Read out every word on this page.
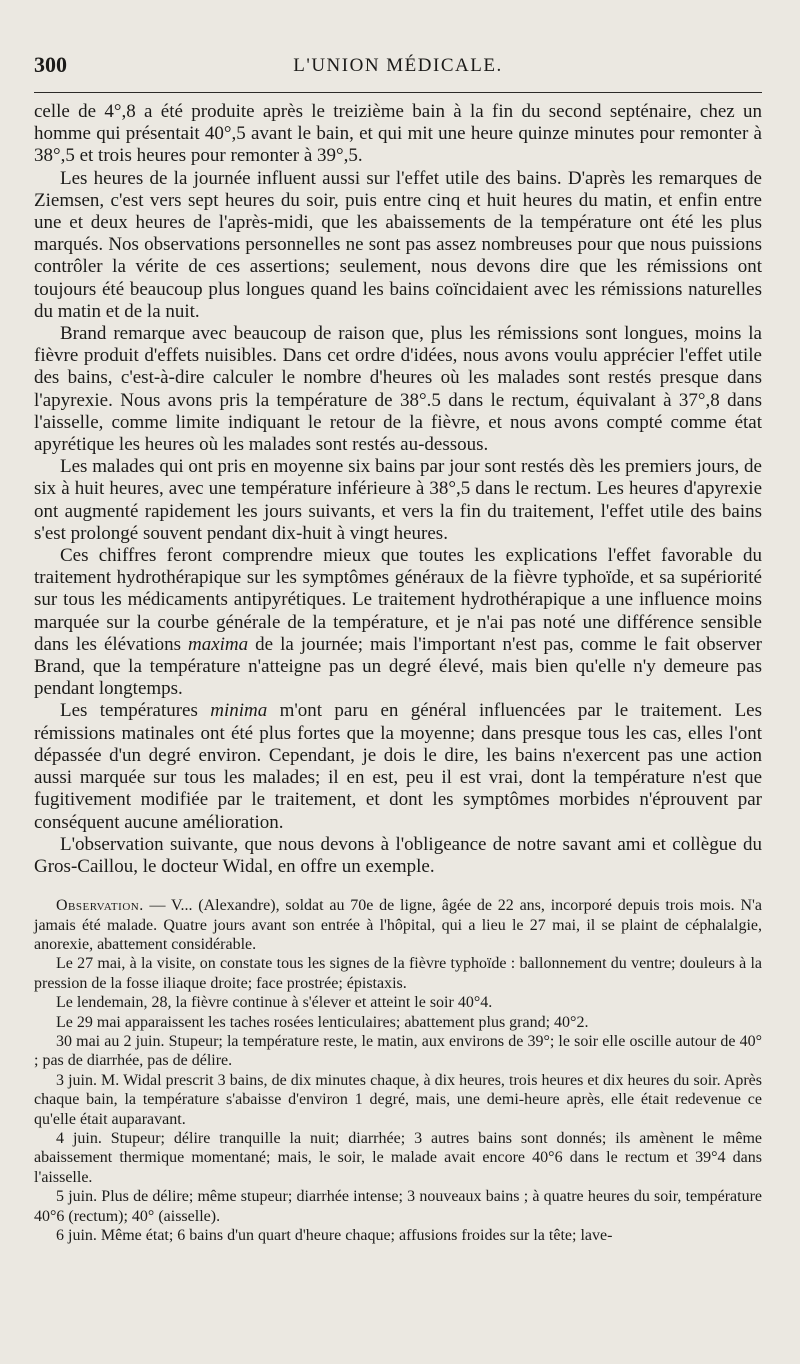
300	L'UNION MÉDICALE.

celle de 4°,8 a été produite après le treizième bain à la fin du second septénaire, chez un homme qui présentait 40°,5 avant le bain, et qui mit une heure quinze minutes pour remonter à 38°,5 et trois heures pour remonter à 39°,5.

Les heures de la journée influent aussi sur l'effet utile des bains. D'après les remarques de Ziemsen, c'est vers sept heures du soir, puis entre cinq et huit heures du matin, et enfin entre une et deux heures de l'après-midi, que les abaissements de la température ont été les plus marqués. Nos observations personnelles ne sont pas assez nombreuses pour que nous puissions contrôler la vérite de ces assertions; seulement, nous devons dire que les rémissions ont toujours été beaucoup plus longues quand les bains coïncidaient avec les rémissions naturelles du matin et de la nuit.

Brand remarque avec beaucoup de raison que, plus les rémissions sont longues, moins la fièvre produit d'effets nuisibles. Dans cet ordre d'idées, nous avons voulu apprécier l'effet utile des bains, c'est-à-dire calculer le nombre d'heures où les malades sont restés presque dans l'apyrexie. Nous avons pris la température de 38°.5 dans le rectum, équivalant à 37°,8 dans l'aisselle, comme limite indiquant le retour de la fièvre, et nous avons compté comme état apyrétique les heures où les malades sont restés au-dessous.

Les malades qui ont pris en moyenne six bains par jour sont restés dès les premiers jours, de six à huit heures, avec une température inférieure à 38°,5 dans le rectum. Les heures d'apyrexie ont augmenté rapidement les jours suivants, et vers la fin du traitement, l'effet utile des bains s'est prolongé souvent pendant dix-huit à vingt heures.

Ces chiffres feront comprendre mieux que toutes les explications l'effet favorable du traitement hydrothérapique sur les symptômes généraux de la fièvre typhoïde, et sa supériorité sur tous les médicaments antipyrétiques. Le traitement hydrothérapique a une influence moins marquée sur la courbe générale de la température, et je n'ai pas noté une différence sensible dans les élévations maxima de la journée; mais l'important n'est pas, comme le fait observer Brand, que la température n'atteigne pas un degré élevé, mais bien qu'elle n'y demeure pas pendant longtemps.

Les températures minima m'ont paru en général influencées par le traitement. Les rémissions matinales ont été plus fortes que la moyenne; dans presque tous les cas, elles l'ont dépassée d'un degré environ. Cependant, je dois le dire, les bains n'exercent pas une action aussi marquée sur tous les malades; il en est, peu il est vrai, dont la température n'est que fugitivement modifiée par le traitement, et dont les symptômes morbides n'éprouvent par conséquent aucune amélioration.

L'observation suivante, que nous devons à l'obligeance de notre savant ami et collègue du Gros-Caillou, le docteur Widal, en offre un exemple.

Observation. — V... (Alexandre), soldat au 70e de ligne, âgée de 22 ans, incorporé depuis trois mois. N'a jamais été malade. Quatre jours avant son entrée à l'hôpital, qui a lieu le 27 mai, il se plaint de céphalalgie, anorexie, abattement considérable.

Le 27 mai, à la visite, on constate tous les signes de la fièvre typhoïde : ballonnement du ventre; douleurs à la pression de la fosse iliaque droite; face prostrée; épistaxis.

Le lendemain, 28, la fièvre continue à s'élever et atteint le soir 40°4.

Le 29 mai apparaissent les taches rosées lenticulaires; abattement plus grand; 40°2.

30 mai au 2 juin. Stupeur; la température reste, le matin, aux environs de 39°; le soir elle oscille autour de 40° ; pas de diarrhée, pas de délire.

3 juin. M. Widal prescrit 3 bains, de dix minutes chaque, à dix heures, trois heures et dix heures du soir. Après chaque bain, la température s'abaisse d'environ 1 degré, mais, une demi-heure après, elle était redevenue ce qu'elle était auparavant.

4 juin. Stupeur; délire tranquille la nuit; diarrhée; 3 autres bains sont donnés; ils amènent le même abaissement thermique momentané; mais, le soir, le malade avait encore 40°6 dans le rectum et 39°4 dans l'aisselle.

5 juin. Plus de délire; même stupeur; diarrhée intense; 3 nouveaux bains ; à quatre heures du soir, température 40°6 (rectum); 40° (aisselle).

6 juin. Même état; 6 bains d'un quart d'heure chaque; affusions froides sur la tête; lave-
